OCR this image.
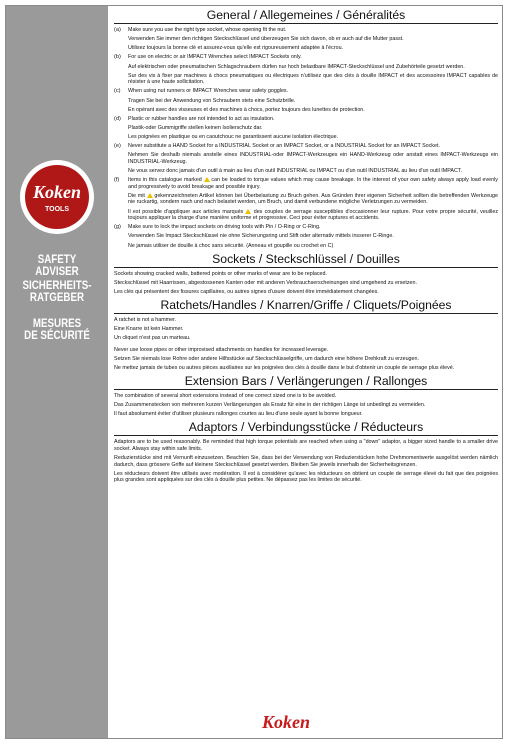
Koken
TOOLS
SAFETY
ADVISER
SICHERHEITS-
RATGEBER
MESURES
DE SÉCURITÉ
General / Allegemeines / Généralités
(a) Make sure you use the right type socket, whose opening fit the nut.

Verwenden Sie immer den richtigen Steckschlüssel und überzeugen Sie sich davon, ob er auch auf die Mutter passt.

Utilisez toujours la bonne clé et assurez-vous qu'elle est rigoureusement adaptée à l'écrou.

(b) For use on electric or air IMPACT Wrenches select IMPACT Sockets only.

Auf elektrischen oder pneumatischen Schlagschraubern dürfen nur hoch belastbare IMPACT-Steckschlüssel und Zubehörteile gesetzt werden.

Sur des vis à fixer par machines à chocs pneumatiques ou électriques n'utilisez que des clés à douille IMPACT et des accessoires IMPACT capables de résister à une haute sollicitation.

(c) When using nut runners or IMPACT Wrenches wear safety goggles.

Tragen Sie bei der Anwendung von Schraubern stets eine Schutzbrille.

En opérant avec des visseuses et des machines à chocs, portez toujours des lunettes de protection.

(d) Plastic or rubber handles are not intended to act as insulation.

Plastik-oder Gummigriffe stellen keinen Isolierschutz dar.

Les poignées en plastique ou en caoutchouc ne garantissent aucune isolation électrique.

(e) Never substitute a HAND Socket for a INDUSTRIAL Socket or an IMPACT Socket, or a INDUSTRIAL Socket for an IMPACT Socket.

Nehmen Sie deshalb niemals anstelle eines INDUSTRIAL-oder IMPACT-Werkzeuges ein HAND-Werkzeug oder anstatt eines IMPACT-Werkzeugs ein INDUSTRIAL-Werkzeug.

Ne vous servez donc jamais d'un outil à main au lieu d'un outil INDUSTRIAL ou IMPACT ou d'un outil INDUSTRIAL au lieu d'un outil IMPACT.

(f) Items in this catalogue marked  can be loaded to torque values which may cause breakage. In the interest of your own safety always apply load evenly and progressively to avoid breakage and possible injury.

Die mit  gekennzeichneten Artikel können bei Überbelastung zu Bruch gehen. Aus Gründen ihrer eigenen Sicherheit sollten die betreffenden Werkzeuge nie ruckartig, sondern nach und nach belastet werden, um Bruch, und damit verbundene mögliche Verletzungen zu vermeiden.

Il est possible d'appliquer aux articles marqués  des couples de serrage susceptibles d'occasionner leur rupture. Pour votre propre sécurité, veuillez toujours appliquer la charge d'une manière uniforme et progressive. Ceci pour éviter ruptures et accidents.

(g) Make sure to lock the impact sockets on driving tools with Pin / O-Ring or C-Ring.

Verwenden Sie Impact Steckschlüssel nie ohne Sicherungsring und Stift oder alternativ mittels insserer C-Ringe.

Ne jamais utiliser de douille à choc sans sécurité. (Anneau et goupille ou crochet en C)

Sockets / Steckschlüssel / Douilles

Sockets showing cracked walls, battered points or other marks of wear are to be replaced.

Steckschlüssel mit Haarrissen, abgestossenen Kanten oder mit anderen Verbrauchserscheinungen sind umgehend zu ersetzen.

Les clés qui présentent des fissures capillaires, ou autres signes d'usure doivent être immédiatement changées.

Ratchets/Handles / Knarren/Griffe / Cliquets/Poignées

A ratchet is not a hammer.

Eine Knarre ist kein Hammer.

Un cliquet n'est pas un marteau.

Never use loose pipes or other improvised attachments on handles for increased leverage.

Setzen Sie niemals lose Rohre oder andere Hilfsstücke auf Steckschlüsselgriffe, um dadurch eine höhere Drehkraft zu erzeugen.

Ne mettez jamais de tubes ou autres pièces auxiliaires sur les poignées des clés à douille dans le but d'obtenir un couple de serrage plus élevé.

Extension Bars / Verlängerungen / Rallonges

The combination of several short extensions instead of one correct sized one is to be avoided.

Das Zusammenstecken von mehreren kurzen Verlängerungen als Ersatz für eine in der richtigen Länge ist unbedingt zu vermeiden.

Il faut absolument éviter d'utiliser plusieurs rallonges courtes au lieu d'une seule ayant la bonne longueur.

Adaptors / Verbindungsstücke / Réducteurs

Adaptors are to be used reasonably. Be reminded that high torque potentials are reached when using a "down" adaptor, a bigger sized handle to a smaller drive socket. Always stay within safe limits.

Reduzierstücke sind mit Vernunft einzusetzen. Beachten Sie, dass bei der Verwendung von Reduzierstücken hohe Drehmomentwerte ausgelöst werden nämlich dadurch, dass grössere Griffe auf kleinere Steckschlüssel gesetzt werden. Bleiben Sie jeweils innerhalb der Sicherheitsgrenzen.

Les réducteurs doivent être utilisés avec modération. Il est à considérer qu'avec les réducteurs on obtient un couple de serrage élevé du fait que des poignées plus grandes sont appliquées sur des clés à douille plus petites. Ne dépassez pas les limites de sécurité.

Koken
